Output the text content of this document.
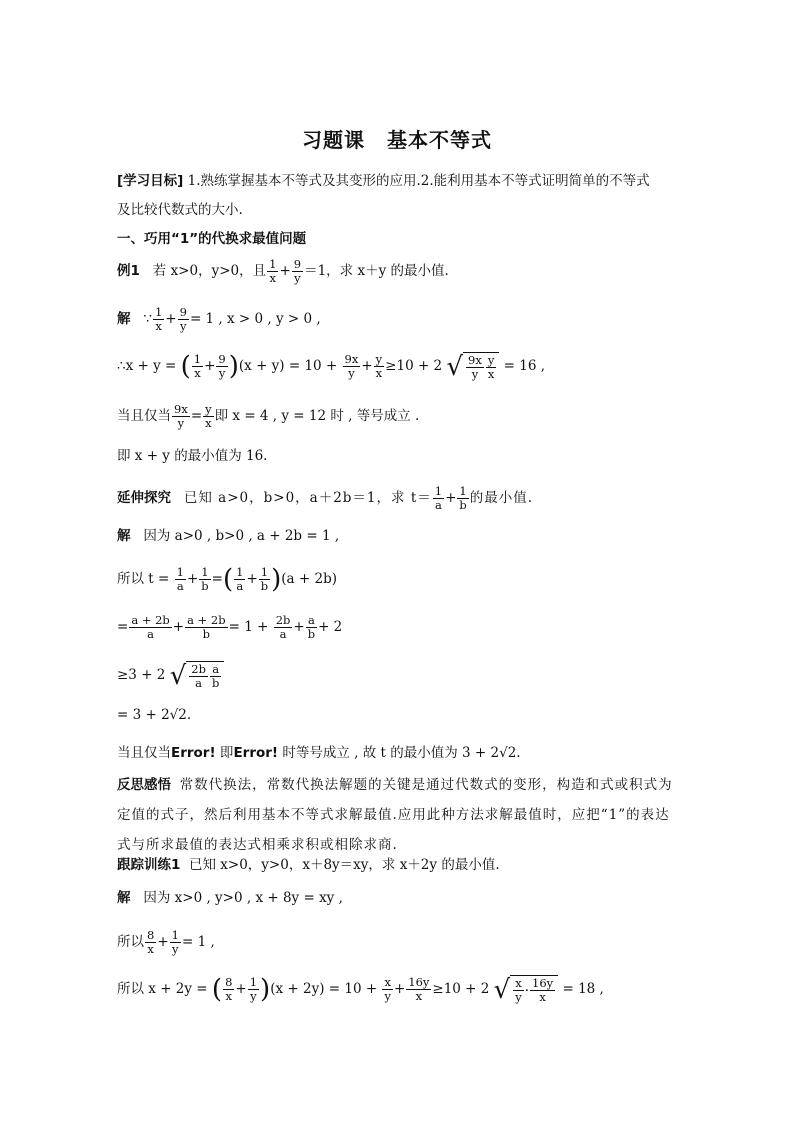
习题课 基本不等式
[学习目标] 1.熟练掌握基本不等式及其变形的应用.2.能利用基本不等式证明简单的不等式
及比较代数式的大小.
一、巧用“1”的代换求最值问题
例1 若 x>0，y>0，且 $\frac{1}{x} + \frac{9}{y} =1$，求 x＋y 的最小值.
解   ∵ $\frac{1}{x} + \frac{9}{y} = 1$ , x > 0 , y > 0 ,
∴x + y = ( $\frac{1}{x} + \frac{9}{y} )(x + y) = 10 + \frac{9x}{y} + \frac{y}{x} \ge 10 + 2$ √ $\frac{9x}{y} \frac{y}{x} = 16$ ,
当且仅当 $\frac{9x}{y} = \frac{y}{x}$ 即 x = 4 , y = 12 时 , 等号成立 .
即 x + y 的最小值为 16.
延伸探究 已知 a>0，b>0，a＋2b＝1，求 $t= \frac{1}{a} + \frac{1}{b}$ 的最小值.
解 因为 a>0 , b>0 , a + 2b = 1 ,
所以 $t = \frac{1}{a} + \frac{1}{b}$ =( $\frac{1}{a} + \frac{1}{b} )(a + 2b)$
= $\frac{a + 2b}{a} + \frac{a + 2b}{b} = 1 + \frac{2b}{a} + \frac{a}{b} + 2$
≥3 + 2 √ $\frac{2b}{a} \frac{a}{b}$
= 3 + 2√2.
当且仅当Error! 即Error! 时等号成立 , 故 t 的最小值为 3 + 2√2.
反思感悟 常数代换法，常数代换法解题的关键是通过代数式的变形，构造和式或积式为定值的式子，然后利用基本不等式求解最值.应用此种方法求解最值时，应把“1”的表达式与所求最值的表达式相乘求积或相除求商.
跟踪训练1 已知 x>0，y>0，x＋8y＝xy，求 x＋2y 的最小值.
解 因为 x>0 , y>0 , x + 8y = xy ,
所以 $\frac{8}{x} + \frac{1}{y} = 1$ ,
所以 x + 2y = ( $\frac{8}{x} + \frac{1}{y} )(x + 2y) = 10 + \frac{x}{y} + \frac{16y}{x} \ge 10 + 2$ √ $\frac{x}{y} \cdot \frac{16y}{x} = 18$ ,
